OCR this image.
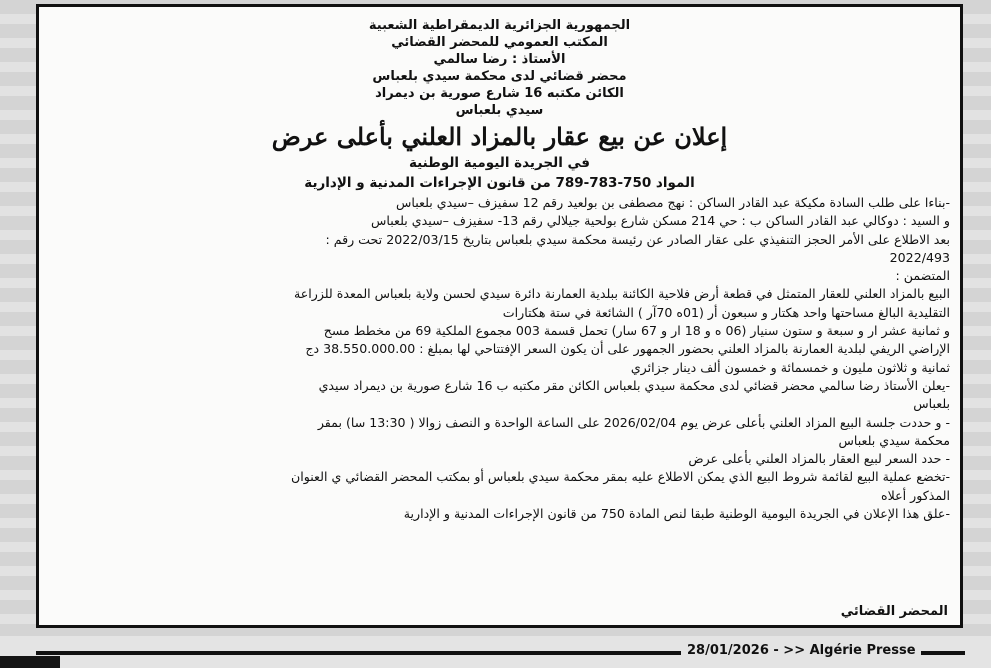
الجمهورية الجزائرية الديمقراطية الشعبية
المكتب العمومي للمحضر القضائي
الأستاذ : رضا سالمي
محضر قضائي لدى محكمة سيدي بلعباس
الكائن مكتبه 16 شارع صورية بن ديمراد
سيدي بلعباس
إعلان عن بيع عقار بالمزاد العلني بأعلى عرض
في الجريدة اليومية الوطنية
المواد 750-783-789 من قانون الإجراءات المدنية و الإدارية
-بناءا على طلب السادة مكيكة عبد القادر الساكن : نهج مصطفى بن بولعيد رقم 12 سفيزف –سيدي بلعباس
و السيد : دوكالي عبد القادر الساكن ب : حي 214 مسكن شارع بولحية جيلالي رقم 13- سفيزف –سيدي بلعباس
بعد الاطلاع على الأمر الحجز التنفيذي على عقار الصادر عن رئيسة محكمة سيدي بلعباس بتاريخ 2022/03/15 تحت رقم :
2022/493
المتضمن :
البيع بالمزاد العلني للعقار المتمثل في قطعة أرض فلاحية الكائنة ببلدية العمارنة دائرة سيدي لحسن ولاية بلعباس المعدة للزراعة
التقليدية البالغ مساحتها واحد هكتار و سبعون أر (01ه 70آر ) الشائعة في ستة هكتارات
و ثمانية عشر ار و سبعة و ستون سنيار (06 ه و 18 ار و 67 سار) تحمل قسمة 003 مجموع الملكية 69 من مخطط مسح
الإراضي الريفي لبلدية العمارنة بالمزاد العلني بحضور الجمهور على أن يكون السعر الإفتتاحي لها بمبلغ : 38.550.000.00 دج
ثمانية و ثلاثون مليون و خمسمائة و خمسون ألف دينار جزائري
-يعلن الأستاذ رضا سالمي محضر قضائي لدى محكمة سيدي بلعباس الكائن مقر مكتبه ب 16 شارع صورية بن ديمراد سيدي
بلعباس
- و حددت جلسة البيع المزاد العلني بأعلى عرض يوم 2026/02/04 على الساعة الواحدة و النصف زوالا ( 13:30 سا) بمقر
محكمة سيدي بلعباس
- حدد السعر لبيع العقار بالمزاد العلني بأعلى عرض
-تخضع عملية البيع لقائمة شروط البيع الذي يمكن الاطلاع عليه بمقر محكمة سيدي بلعباس أو بمكتب المحضر القضائي ي العنوان
المذكور أعلاه
-علق هذا الإعلان في الجريدة اليومية الوطنية طبقا لنص المادة 750 من قانون الإجراءات المدنية و الإدارية
المحضر القضائي
28/01/2026 - >> Algérie Presse
